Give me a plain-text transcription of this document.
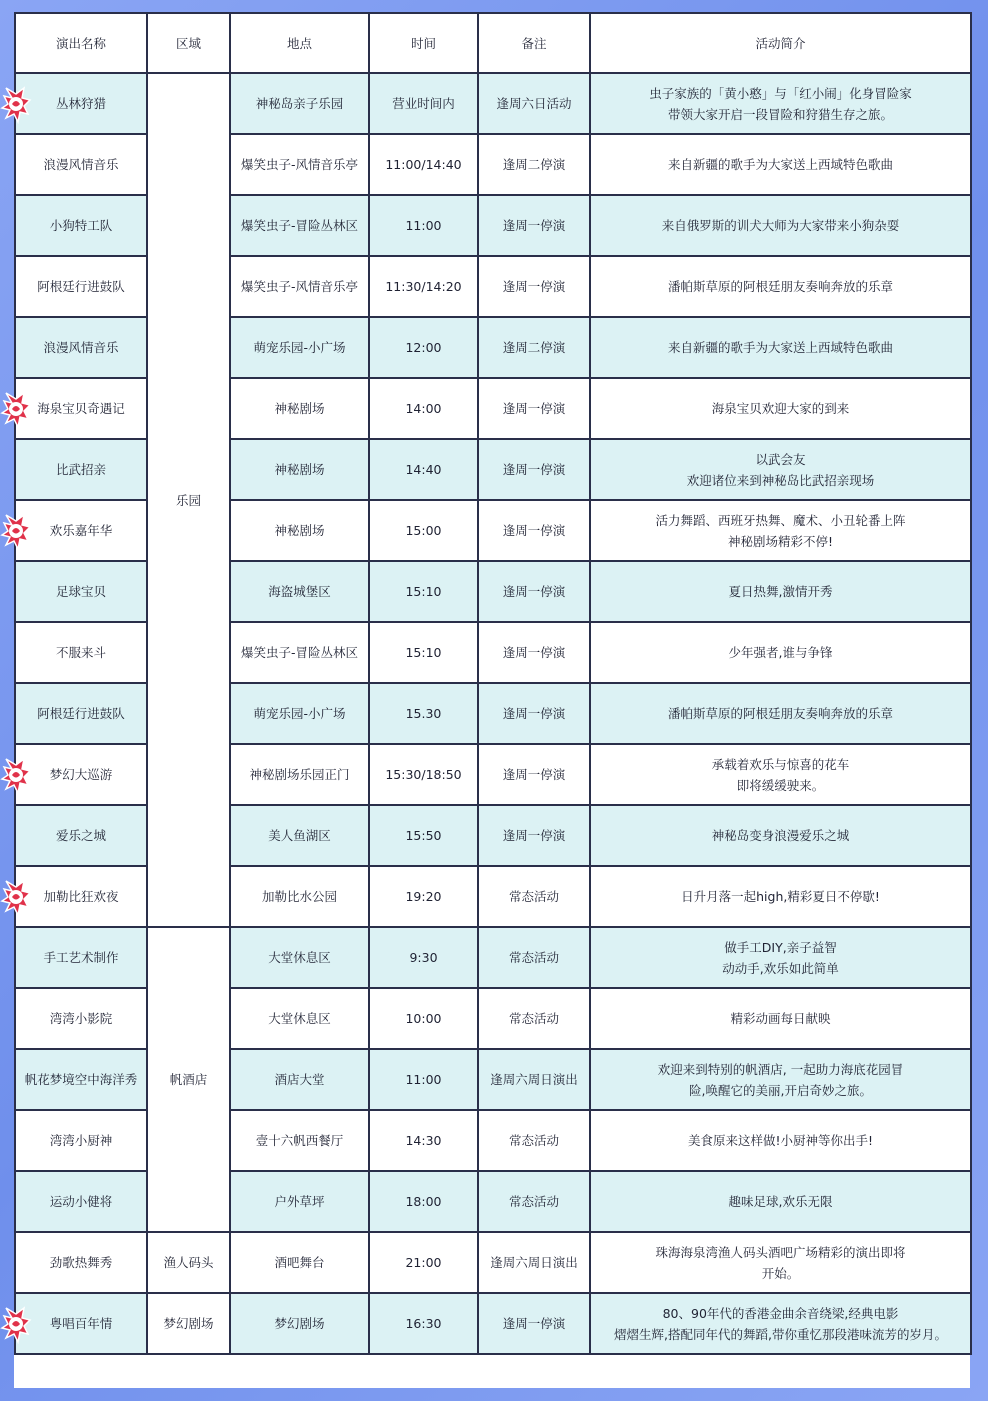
演出名称	区域	地点	时间	备注	活动简介
丛林狩猎	乐园	神秘岛亲子乐园	营业时间内	逢周六日活动	虫子家族的「黄小憨」与「红小闹」化身冒险家
带领大家开启一段冒险和狩猎生存之旅。
浪漫风情音乐		爆笑虫子-风情音乐亭	11:00/14:40	逢周二停演	来自新疆的歌手为大家送上西域特色歌曲
小狗特工队		爆笑虫子-冒险丛林区	11:00	逢周一停演	来自俄罗斯的训犬大师为大家带来小狗杂耍
阿根廷行进鼓队		爆笑虫子-风情音乐亭	11:30/14:20	逢周一停演	潘帕斯草原的阿根廷朋友奏响奔放的乐章
浪漫风情音乐		萌宠乐园-小广场	12:00	逢周二停演	来自新疆的歌手为大家送上西域特色歌曲
海泉宝贝奇遇记		神秘剧场	14:00	逢周一停演	海泉宝贝欢迎大家的到来
比武招亲		神秘剧场	14:40	逢周一停演	以武会友
欢迎诸位来到神秘岛比武招亲现场
欢乐嘉年华		神秘剧场	15:00	逢周一停演	活力舞蹈、西班牙热舞、魔术、小丑轮番上阵
神秘剧场精彩不停!
足球宝贝		海盗城堡区	15:10	逢周一停演	夏日热舞,激情开秀
不服来斗		爆笑虫子-冒险丛林区	15:10	逢周一停演	少年强者,谁与争锋
阿根廷行进鼓队		萌宠乐园-小广场	15.30	逢周一停演	潘帕斯草原的阿根廷朋友奏响奔放的乐章
梦幻大巡游		神秘剧场乐园正门	15:30/18:50	逢周一停演	承载着欢乐与惊喜的花车
即将缓缓驶来。
爱乐之城		美人鱼湖区	15:50	逢周一停演	神秘岛变身浪漫爱乐之城
加勒比狂欢夜		加勒比水公园	19:20	常态活动	日升月落一起high,精彩夏日不停歇!
手工艺术制作	帆酒店	大堂休息区	9:30	常态活动	做手工DIY,亲子益智
动动手,欢乐如此简单
湾湾小影院		大堂休息区	10:00	常态活动	精彩动画每日献映
帆花梦境空中海洋秀		酒店大堂	11:00	逢周六周日演出	欢迎来到特别的帆酒店, 一起助力海底花园冒
险,唤醒它的美丽,开启奇妙之旅。
湾湾小厨神		壹十六帆西餐厅	14:30	常态活动	美食原来这样做!小厨神等你出手!
运动小健将		户外草坪	18:00	常态活动	趣味足球,欢乐无限
劲歌热舞秀	渔人码头	酒吧舞台	21:00	逢周六周日演出	珠海海泉湾渔人码头酒吧广场精彩的演出即将
开始。
粤唱百年情	梦幻剧场	梦幻剧场	16:30	逢周一停演	80、90年代的香港金曲余音绕梁,经典电影
熠熠生辉,搭配同年代的舞蹈,带你重忆那段港味流芳的岁月。
